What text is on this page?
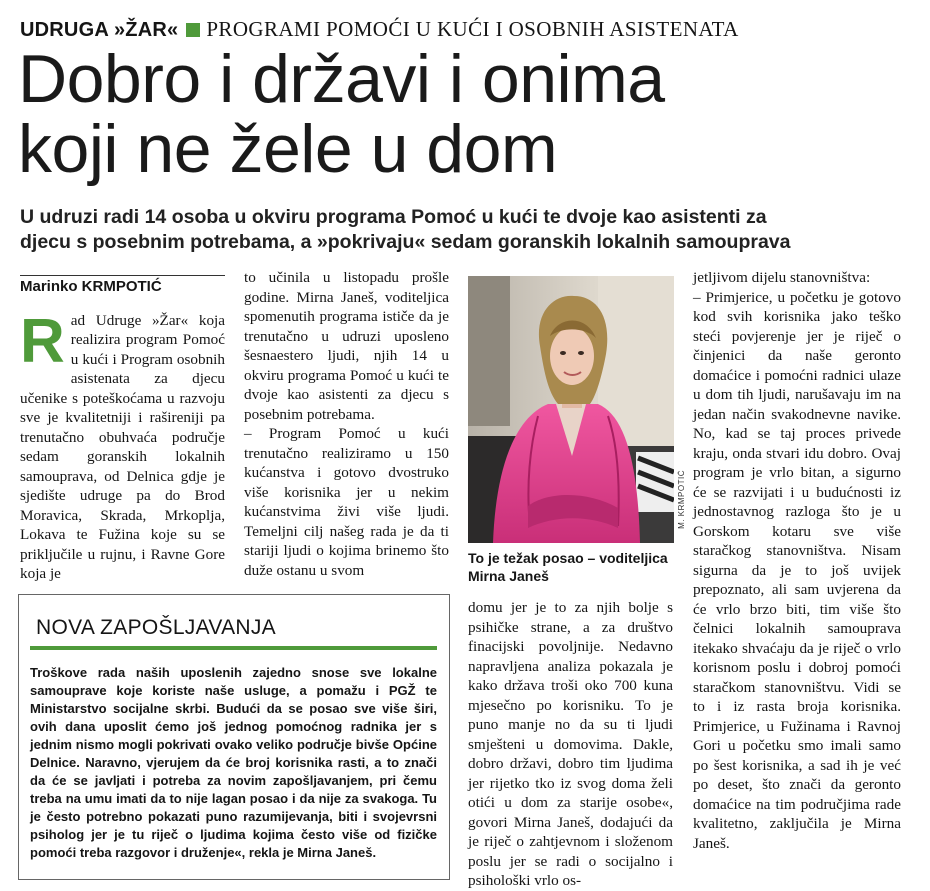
UDRUGA »ŽAR« PROGRAMI POMOĆI U KUĆI I OSOBNIH ASISTENATA
Dobro i državi i onima
koji ne žele u dom
U udruzi radi 14 osoba u okviru programa Pomoć u kući te dvoje kao asistenti za
djecu s posebnim potrebama, a »pokrivaju« sedam goranskih lokalnih samouprava

Marinko KRMPOTIĆ

Rad Udruge »Žar« koja realizira program Pomoć u kući i Program osobnih asistenata za djecu učenike s poteškoćama u razvoju sve je kvalitetniji i rašireniji pa trenutačno obuhvaća područje sedam goranskih lokalnih samouprava, od Delnica gdje je sjedište udruge pa do Brod Moravica, Skrada, Mrkoplja, Lokava te Fužina koje su se priključile u rujnu, i Ravne Gore koja je

to učinila u listopadu prošle godine. Mirna Janeš, voditeljica spomenutih programa ističe da je trenutačno u udruzi uposleno šesnaestero ljudi, njih 14 u okviru programa Pomoć u kući te dvoje kao asistenti za djecu s posebnim potrebama.

– Program Pomoć u kući trenutačno realiziramo u 150 kućanstva i gotovo dvostruko više korisnika jer u nekim kućanstvima živi više ljudi. Temeljni cilj našeg rada je da ti stariji ljudi o kojima brinemo što duže ostanu u svom

M. KRMPOTIĆ
To je težak posao – voditeljica Mirna Janeš

domu jer je to za njih bolje s psihičke strane, a za društvo finacijski povoljnije. Nedavno napravljena analiza pokazala je kako država troši oko 700 kuna mjesečno po korisniku. To je puno manje no da su ti ljudi smješteni u domovima. Dakle, dobro državi, dobro tim ljudima jer rijetko tko iz svog doma želi otići u dom za starije osobe«, govori Mirna Janeš, dodajući da je riječ o zahtjevnom i složenom poslu jer se radi o socijalno i psihološki vrlo os-

jetljivom dijelu stanovništva:

– Primjerice, u početku je gotovo kod svih korisnika jako teško steći povjerenje jer je riječ o činjenici da naše geronto domaćice i pomoćni radnici ulaze u dom tih ljudi, narušavaju im na jedan način svakodnevne navike. No, kad se taj proces privede kraju, onda stvari idu dobro. Ovaj program je vrlo bitan, a sigurno će se razvijati i u budućnosti iz jednostavnog razloga što je u Gorskom kotaru sve više staračkog stanovništva. Nisam sigurna da je to još uvijek prepoznato, ali sam uvjerena da će vrlo brzo biti, tim više što čelnici lokalnih samouprava itekako shvaćaju da je riječ o vrlo korisnom poslu i dobroj pomoći staračkom stanovništvu. Vidi se to i iz rasta broja korisnika. Primjerice, u Fužinama i Ravnoj Gori u početku smo imali samo po šest korisnika, a sad ih je već po deset, što znači da geronto domaćice na tim područjima rade kvalitetno, zaključila je Mirna Janeš.

NOVA ZAPOŠLJAVANJA
Troškove rada naših uposlenih zajedno snose sve lokalne samouprave koje koriste naše usluge, a pomažu i PGŽ te Ministarstvo socijalne skrbi. Budući da se posao sve više širi, ovih dana uposlit ćemo još jednog pomoćnog radnika jer s jednim nismo mogli pokrivati ovako veliko područje bivše Općine Delnice. Naravno, vjerujem da će broj korisnika rasti, a to znači da će se javljati i potreba za novim zapošljavanjem, pri čemu treba na umu imati da to nije lagan posao i da nije za svakoga. Tu je često potrebno pokazati puno razumijevanja, biti i svojevrsni psiholog jer je tu riječ o ljudima kojima često više od fizičke pomoći treba razgovor i druženje«, rekla je Mirna Janeš.
